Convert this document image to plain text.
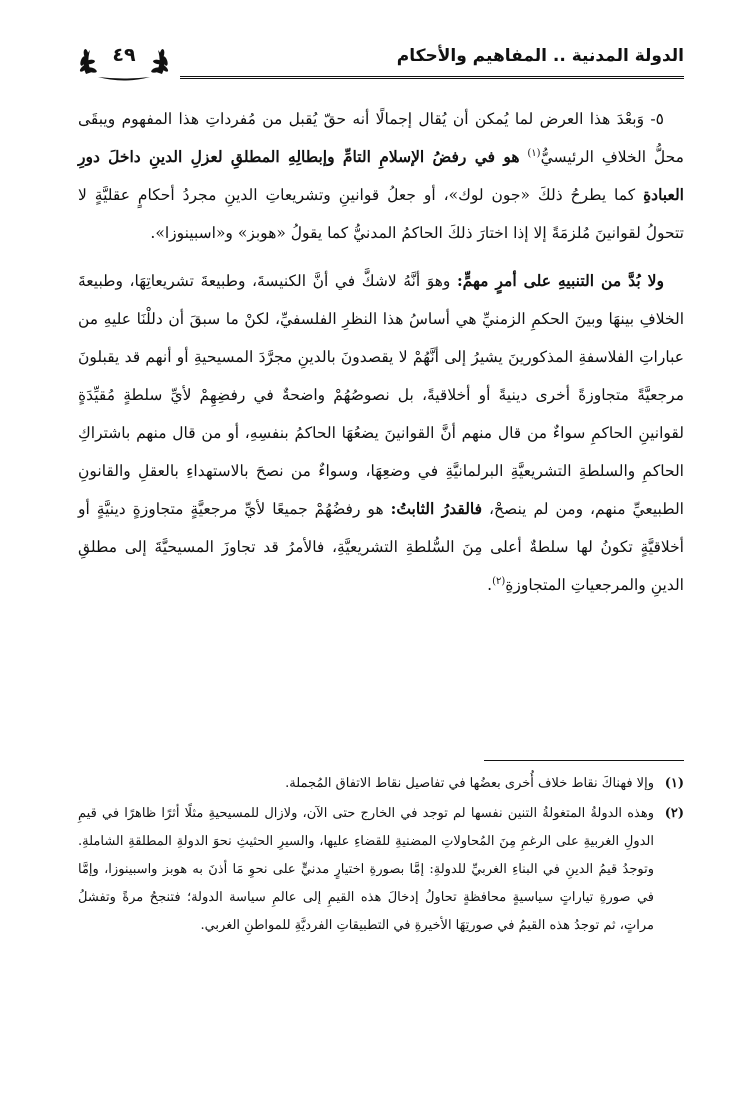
الدولة المدنية .. المفاهيم والأحكام
٤٩

٥- وَبعْدَ هذا العرض لما يُمكن أن يُقال إجمالًا أنه حقّ يُقبل من مُفرداتِ هذا المفهوم ويبقَى محلُّ الخلافِ الرئيسيُّ$^{(١)}$ هو في رفضُ الإسلامِ التامِّ وإبطالِهِ المطلقِ لعزلِ الدينِ داخلَ دورِ العبادةِ كما يطرحُ ذلكَ «جون لوك»، أو جعلُ قوانينِ وتشريعاتِ الدينِ مجردُ أحكامٍ عقليَّةٍ لا تتحولُ لقوانينَ مُلزمَةً إلا إذا اختارَ ذلكَ الحاكمُ المدنيُّ كما يقولُ «هوبز» و«اسبينوزا».

ولا بُدَّ من التنبيهِ على أمرٍ مهمٍّ: وهوَ أنَّهُ لاشكَّ في أنَّ الكنيسةَ، وطبيعةَ تشريعاتِهَا، وطبيعةَ الخلافِ بينهَا وبينَ الحكمِ الزمنيِّ هي أساسُ هذا النظرِ الفلسفيِّ، لكنْ ما سبقَ أن دللْنَا عليهِ من عباراتِ الفلاسفةِ المذكورينَ يشيرُ إلى أنَّهُمْ لا يقصدونَ بالدينِ مجرَّدَ المسيحيةِ أو أنهم قد يقبلونَ مرجعيَّةً متجاوزةً أخرى دينيةً أو أخلاقيةً، بل نصوصُهُمْ واضحةٌ في رفضِهِمْ لأيِّ سلطةٍ مُقيِّدَةٍ لقوانينِ الحاكمِ سواءٌ من قال منهم أنَّ القوانينَ يضعُهَا الحاكمُ بنفسِهِ، أو من قال منهم باشتراكِ الحاكمِ والسلطةِ التشريعيَّةِ البرلمانيَّةِ في وضعِهَا، وسواءٌ من نصحَ بالاستهداءِ بالعقلِ والقانونِ الطبيعيِّ منهم، ومن لم ينصحْ، فالقدرُ الثابتُ: هو رفضُهُمْ جميعًا لأيِّ مرجعيَّةٍ متجاوزةٍ دينيَّةٍ أو أخلاقيَّةٍ تكونُ لها سلطةٌ أعلى مِنَ السُّلطةِ التشريعيَّةِ، فالأمرُ قد تجاوزَ المسيحيَّةَ إلى مطلقِ الدينِ والمرجعياتِ المتجاوزةِ$^{(٢)}$.

(١)
وإلا فهناكَ نقاط خلاف أُخرى بعضُها في تفاصيل نقاط الاتفاق المُجملة.
(٢)
وهذه الدولةُ المتغولةُ التنين نفسها لم توجد في الخارج حتى الآن، ولازال للمسيحيةِ مثلًا أثرًا ظاهرًا في قيمِ الدولِ الغربيةِ على الرغمِ مِنَ المُحاولاتِ المضنيةِ للقضاءِ عليها، والسيرِ الحثيثِ نحوَ الدولةِ المطلقةِ الشاملةِ. وتوجدُ قيمُ الدينِ في البناءِ الغربيِّ للدولةِ: إمَّا بصورةِ اختيارٍ مدنيٍّ على نحوِ مَا أذنَ به هوبز واسبينوزا، وإمَّا في صورةِ تياراتٍ سياسيةٍ محافظةٍ تحاولُ إدخالَ هذه القيمِ إلى عالمِ سياسة الدولة؛ فتنجحُ مرةً وتفشلُ مراتٍ، ثم توجدُ هذه القيمُ في صورتِهَا الأخيرةِ في التطبيقاتِ الفرديَّةِ للمواطنِ الغربي.
